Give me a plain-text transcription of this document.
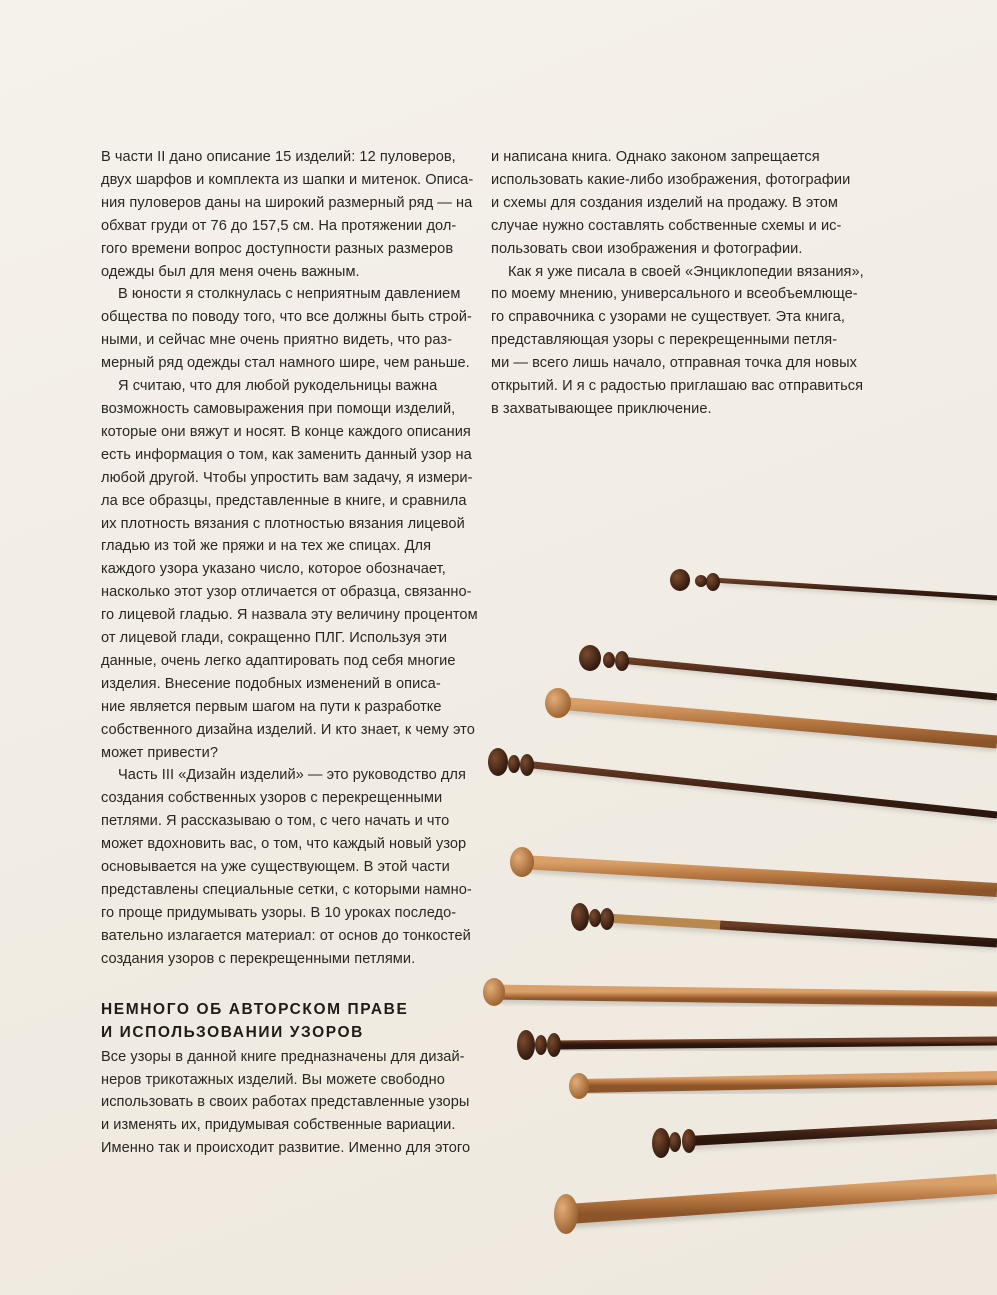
В части II дано описание 15 изделий: 12 пуловеров,
двух шарфов и комплекта из шапки и митенок. Описа-
ния пуловеров даны на широкий размерный ряд — на
обхват груди от 76 до 157,5 см. На протяжении дол-
гого времени вопрос доступности разных размеров
одежды был для меня очень важным.
В юности я столкнулась с неприятным давлением
общества по поводу того, что все должны быть строй-
ными, и сейчас мне очень приятно видеть, что раз-
мерный ряд одежды стал намного шире, чем раньше.
Я считаю, что для любой рукодельницы важна
возможность самовыражения при помощи изделий,
которые они вяжут и носят. В конце каждого описания
есть информация о том, как заменить данный узор на
любой другой. Чтобы упростить вам задачу, я измери-
ла все образцы, представленные в книге, и сравнила
их плотность вязания с плотностью вязания лицевой
гладью из той же пряжи и на тех же спицах. Для
каждого узора указано число, которое обозначает,
насколько этот узор отличается от образца, связанно-
го лицевой гладью. Я назвала эту величину процентом
от лицевой глади, сокращенно ПЛГ. Используя эти
данные, очень легко адаптировать под себя многие
изделия. Внесение подобных изменений в описа-
ние является первым шагом на пути к разработке
собственного дизайна изделий. И кто знает, к чему это
может привести?
Часть III «Дизайн изделий» — это руководство для
создания собственных узоров с перекрещенными
петлями. Я рассказываю о том, с чего начать и что
может вдохновить вас, о том, что каждый новый узор
основывается на уже существующем. В этой части
представлены специальные сетки, с которыми намно-
го проще придумывать узоры. В 10 уроках последо-
вательно излагается материал: от основ до тонкостей
создания узоров с перекрещенными петлями.
НЕМНОГО ОБ АВТОРСКОМ ПРАВЕ
И ИСПОЛЬЗОВАНИИ УЗОРОВ
Все узоры в данной книге предназначены для дизай-
неров трикотажных изделий. Вы можете свободно
использовать в своих работах представленные узоры
и изменять их, придумывая собственные вариации.
Именно так и происходит развитие. Именно для этого
и написана книга. Однако законом запрещается
использовать какие-либо изображения, фотографии
и схемы для создания изделий на продажу. В этом
случае нужно составлять собственные схемы и ис-
пользовать свои изображения и фотографии.
Как я уже писала в своей «Энциклопедии вязания»,
по моему мнению, универсального и всеобъемлюще-
го справочника с узорами не существует. Эта книга,
представляющая узоры с перекрещенными петля-
ми — всего лишь начало, отправная точка для новых
открытий. И я с радостью приглашаю вас отправиться
в захватывающее приключение.
